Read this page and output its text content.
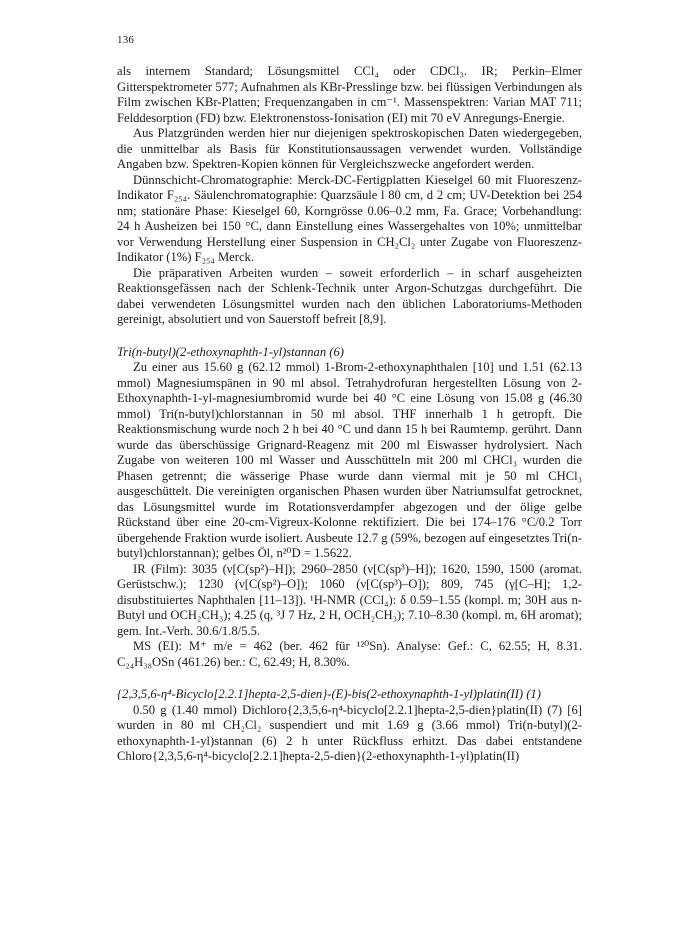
136

als internem Standard; Lösungsmittel CCl₄ oder CDCl₃. IR; Perkin–Elmer Gitterspektrometer 577; Aufnahmen als KBr-Presslinge bzw. bei flüssigen Verbindungen als Film zwischen KBr-Platten; Frequenzangaben in cm⁻¹. Massenspektren: Varian MAT 711; Felddesorption (FD) bzw. Elektronenstoss-Ionisation (EI) mit 70 eV Anregungs-Energie.

Aus Platzgründen werden hier nur diejenigen spektroskopischen Daten wiedergegeben, die unmittelbar als Basis für Konstitutionsaussagen verwendet wurden. Vollständige Angaben bzw. Spektren-Kopien können für Vergleichszwecke angefordert werden.

Dünnschicht-Chromatographie: Merck-DC-Fertigplatten Kieselgel 60 mit Fluoreszenz-Indikator F₂₅₄. Säulenchromatographie: Quarzsäule l 80 cm, d 2 cm; UV-Detektion bei 254 nm; stationäre Phase: Kieselgel 60, Korngrösse 0.06–0.2 mm, Fa. Grace; Vorbehandlung: 24 h Ausheizen bei 150 °C, dann Einstellung eines Wassergehaltes von 10%; unmittelbar vor Verwendung Herstellung einer Suspension in CH₂Cl₂ unter Zugabe von Fluoreszenz-Indikator (1%) F₂₅₄ Merck.

Die präparativen Arbeiten wurden – soweit erforderlich – in scharf ausgeheizten Reaktionsgefässen nach der Schlenk-Technik unter Argon-Schutzgas durchgeführt. Die dabei verwendeten Lösungsmittel wurden nach den üblichen Laboratoriums-Methoden gereinigt, absolutiert und von Sauerstoff befreit [8,9].

Tri(n-butyl)(2-ethoxynaphth-1-yl)stannan (6)

Zu einer aus 15.60 g (62.12 mmol) 1-Brom-2-ethoxynaphthalen [10] und 1.51 (62.13 mmol) Magnesiumspänen in 90 ml absol. Tetrahydrofuran hergestellten Lösung von 2-Ethoxynaphth-1-yl-magnesiumbromid wurde bei 40 °C eine Lösung von 15.08 g (46.30 mmol) Tri(n-butyl)chlorstannan in 50 ml absol. THF innerhalb 1 h getropft. Die Reaktionsmischung wurde noch 2 h bei 40 °C und dann 15 h bei Raumtemp. gerührt. Dann wurde das überschüssige Grignard-Reagenz mit 200 ml Eiswasser hydrolysiert. Nach Zugabe von weiteren 100 ml Wasser und Ausschütteln mit 200 ml CHCl₃ wurden die Phasen getrennt; die wässerige Phase wurde dann viermal mit je 50 ml CHCl₃ ausgeschüttelt. Die vereinigten organischen Phasen wurden über Natriumsulfat getrocknet, das Lösungsmittel wurde im Rotationsverdampfer abgezogen und der ölige gelbe Rückstand über eine 20-cm-Vigreux-Kolonne rektifiziert. Die bei 174–176 °C/0.2 Torr übergehende Fraktion wurde isoliert. Ausbeute 12.7 g (59%, bezogen auf eingesetztes Tri(n-butyl)chlorstannan); gelbes Öl, n²⁰D = 1.5622.

IR (Film): 3035 (ν[C(sp²)–H]); 2960–2850 (ν[C(sp³)–H]); 1620, 1590, 1500 (aromat. Gerüstschw.); 1230 (ν[C(sp²)–O]); 1060 (ν[C(sp³)–O]); 809, 745 (γ[C–H]; 1,2-disubstituiertes Naphthalen [11–13]). ¹H-NMR (CCl₄): δ 0.59–1.55 (kompl. m; 30H aus n-Butyl und OCH₂CH₃); 4.25 (q, ³J 7 Hz, 2 H, OCH₂CH₃); 7.10–8.30 (kompl. m, 6H aromat); gem. Int.-Verh. 30.6/1.8/5.5.

MS (EI): M⁺ m/e = 462 (ber. 462 für ¹²⁰Sn). Analyse: Gef.: C, 62.55; H, 8.31. C₂₄H₃₈OSn (461.26) ber.: C, 62.49; H, 8.30%.

{2,3,5,6-η⁴-Bicyclo[2.2.1]hepta-2,5-dien}-(E)-bis(2-ethoxynaphth-1-yl)platin(II) (1)

0.50 g (1.40 mmol) Dichloro{2,3,5,6-η⁴-bicyclo[2.2.1]hepta-2,5-dien}platin(II) (7) [6] wurden in 80 ml CH₂Cl₂ suspendiert und mit 1.69 g (3.66 mmol) Tri(n-butyl)(2-ethoxynaphth-1-yl)stannan (6) 2 h unter Rückfluss erhitzt. Das dabei entstandene Chloro{2,3,5,6-η⁴-bicyclo[2.2.1]hepta-2,5-dien}(2-ethoxynaphth-1-yl)platin(II)
